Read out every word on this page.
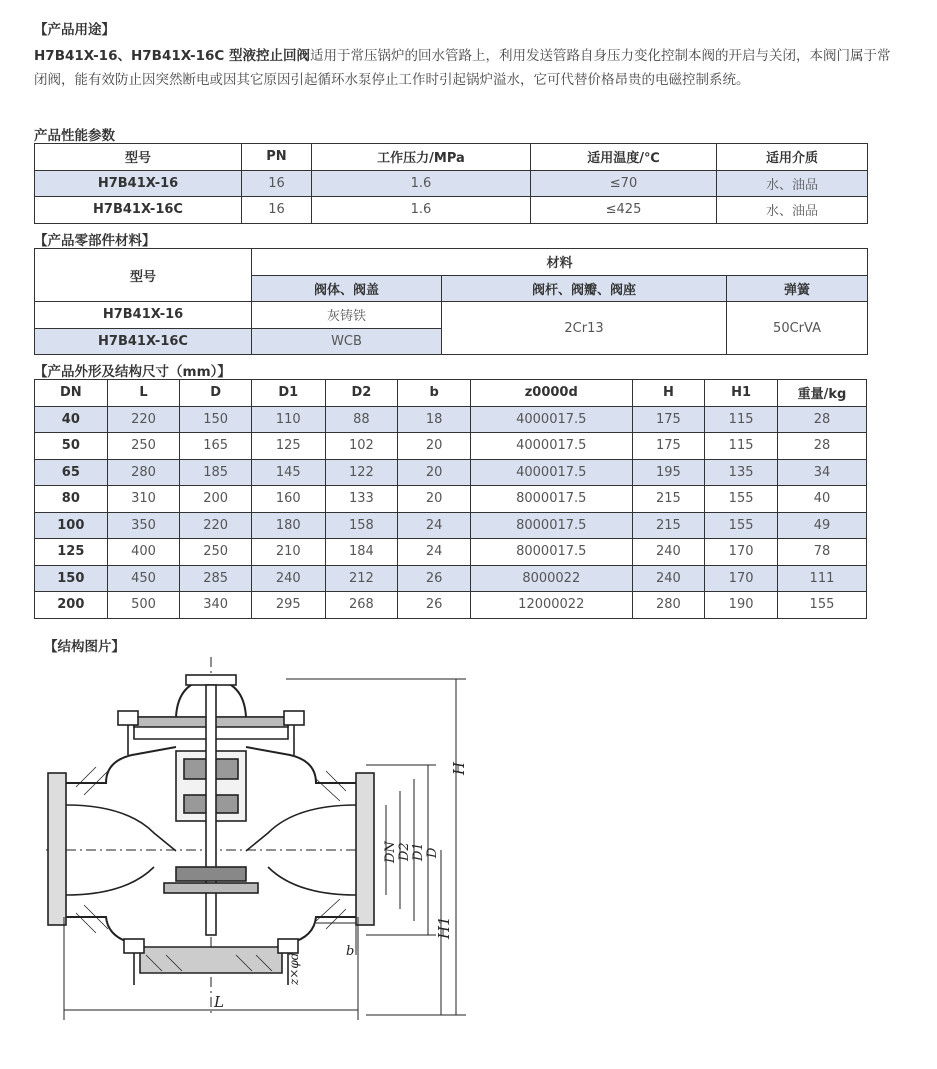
【产品用途】
H7B41X-16、H7B41X-16C 型液控止回阀适用于常压锅炉的回水管路上，利用发送管路自身压力变化控制本阀的开启与关闭，本阀门属于常闭阀，能有效防止因突然断电或因其它原因引起循环水泵停止工作时引起锅炉溢水，它可代替价格昂贵的电磁控制系统。
产品性能参数
型号	PN	工作压力/MPa	适用温度/℃	适用介质
H7B41X-16	16	1.6	≤70	水、油品
H7B41X-16C	16	1.6	≤425	水、油品
【产品零部件材料】
型号	材料		
	阀体、阀盖	阀杆、阀瓣、阀座	弹簧
H7B41X-16	灰铸铁	2Cr13	50CrVA
H7B41X-16C	WCB		
【产品外形及结构尺寸（mm）】
DN	L	D	D1	D2	b	z0000d	H	H1	重量/kg
40	220	150	110	88	18	4000017.5	175	115	28
50	250	165	125	102	20	4000017.5	175	115	28
65	280	185	145	122	20	4000017.5	195	135	34
80	310	200	160	133	20	8000017.5	215	155	40
100	350	220	180	158	24	8000017.5	215	155	49
125	400	250	210	184	24	8000017.5	240	170	78
150	450	285	240	212	26	8000022	240	170	111
200	500	340	295	268	26	12000022	280	190	155
【结构图片】
L
H
H1
DN D2 D1 D
b
z×φd
